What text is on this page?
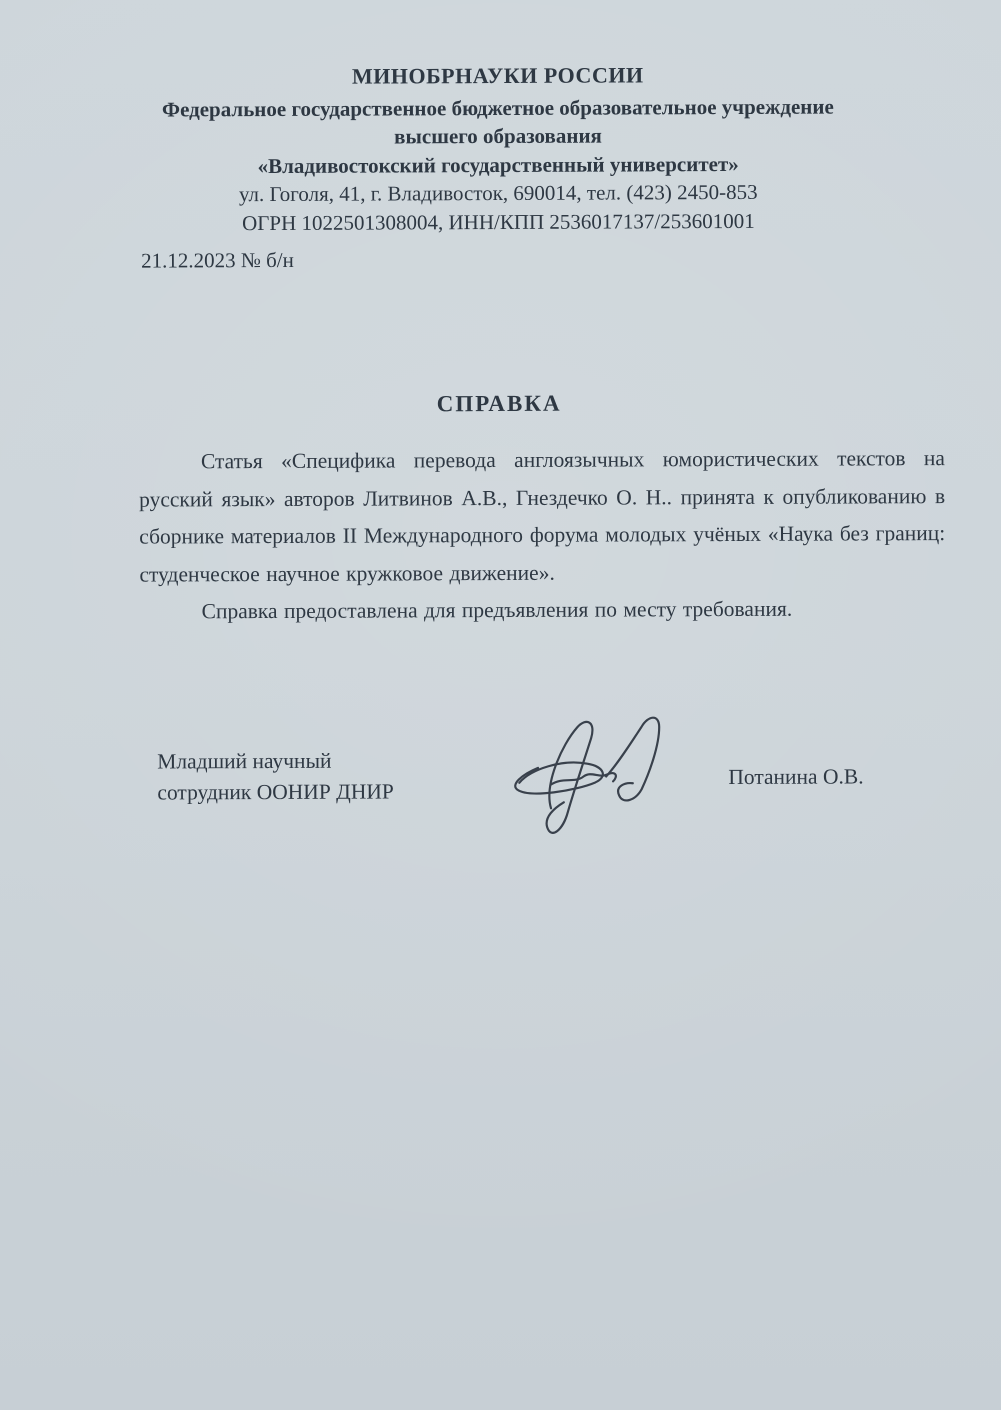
МИНОБРНАУКИ РОССИИ
Федеральное государственное бюджетное образовательное учреждение
высшего образования
«Владивостокский государственный университет»
ул. Гоголя, 41, г. Владивосток, 690014, тел. (423) 2450-853
ОГРН 1022501308004, ИНН/КПП 2536017137/253601001
21.12.2023 № б/н
СПРАВКА

Статья «Специфика перевода англоязычных юмористических текстов на русский язык» авторов Литвинов А.В., Гнездечко О. Н.. принята к опубликованию в сборнике материалов II Международного форума молодых учёных «Наука без границ: студенческое научное кружковое движение».

Справка предоставлена для предъявления по месту требования.

Младший научный
сотрудник ООНИР ДНИР
Потанина О.В.
